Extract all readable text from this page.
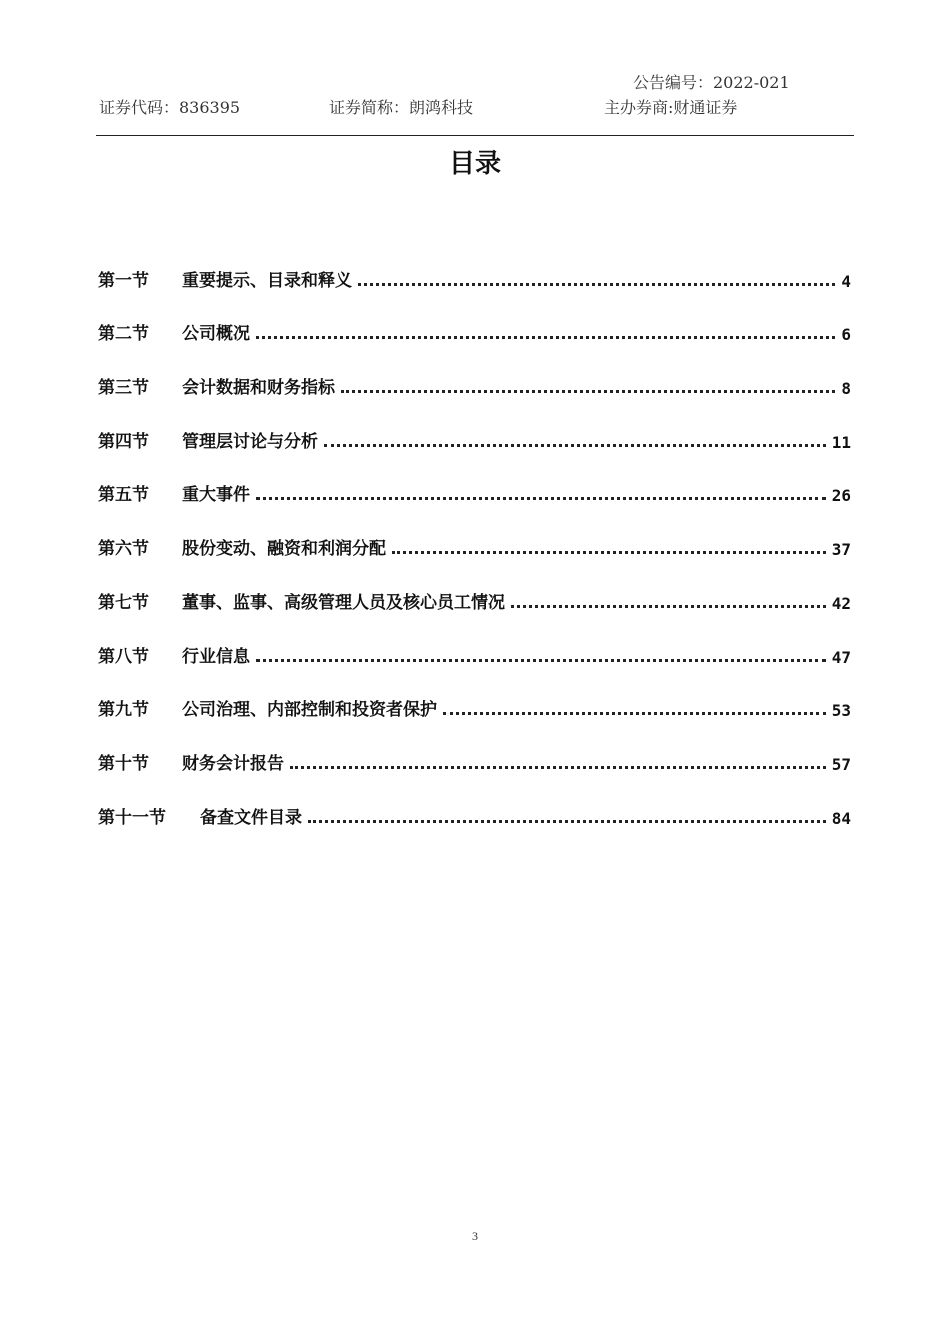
公告编号：2022-021
证券代码：836395	证券简称：朗鸿科技	主办券商:财通证券
目录
第一节	重要提示、目录和释义	4
第二节	公司概况	6
第三节	会计数据和财务指标	8
第四节	管理层讨论与分析	11
第五节	重大事件	26
第六节	股份变动、融资和利润分配	37
第七节	董事、监事、高级管理人员及核心员工情况	42
第八节	行业信息	47
第九节	公司治理、内部控制和投资者保护	53
第十节	财务会计报告	57
第十一节	备查文件目录	84
3
